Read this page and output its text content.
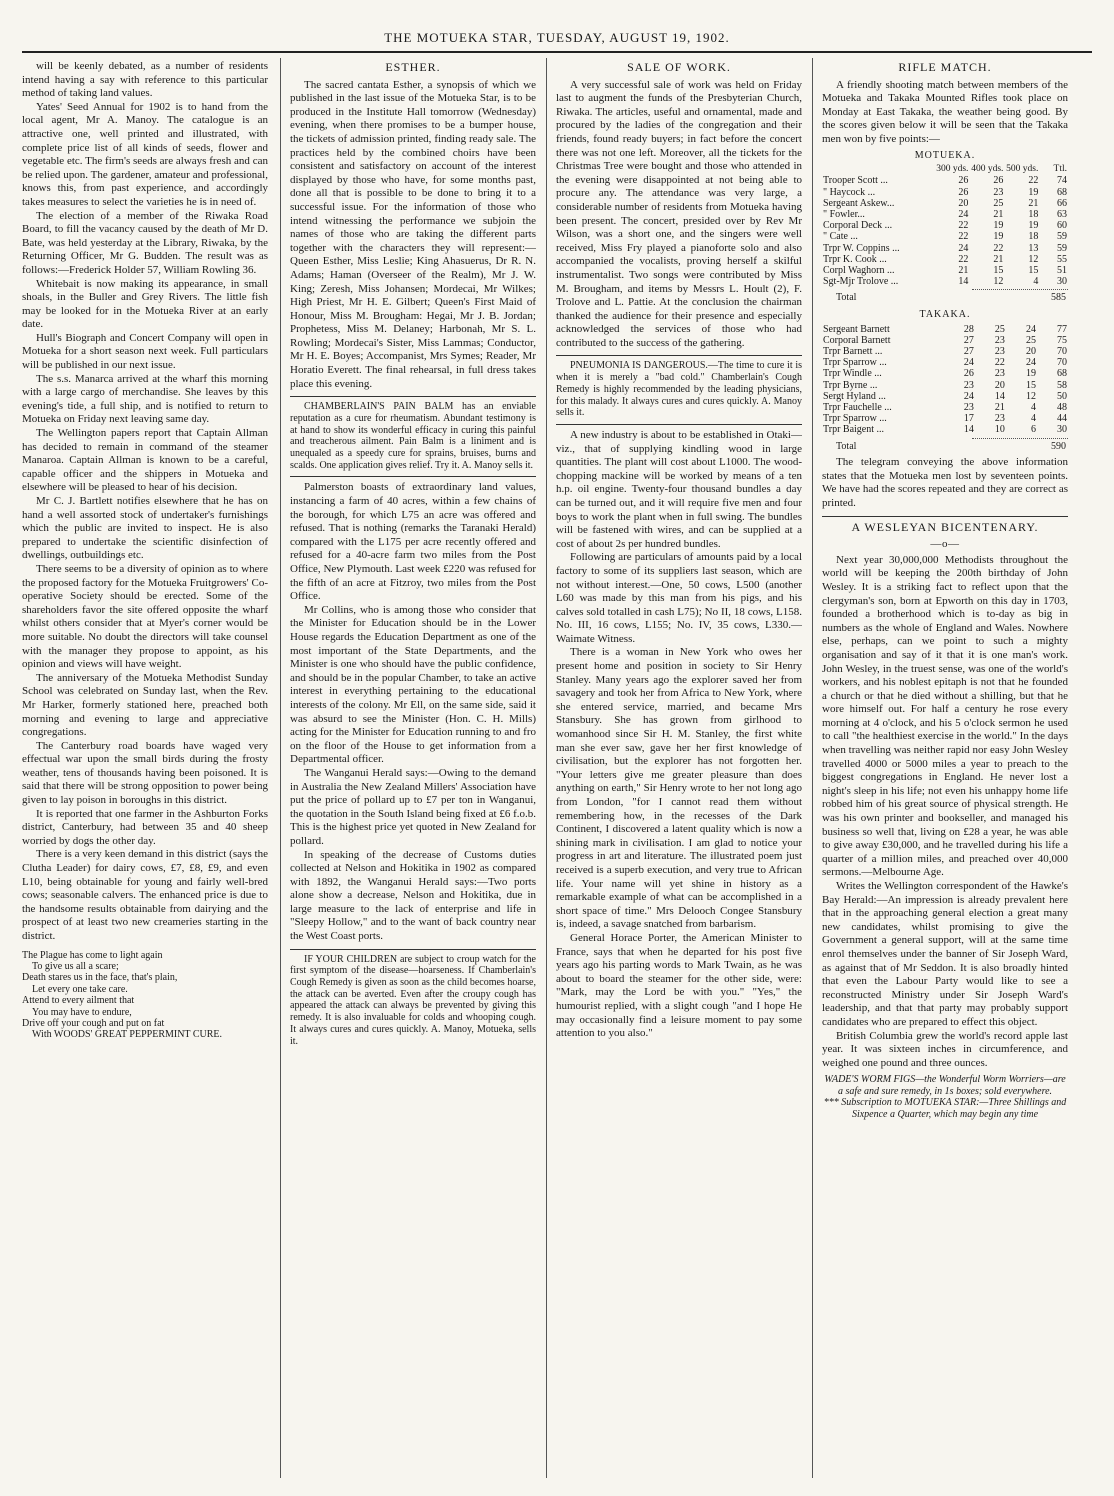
THE MOTUEKA STAR, TUESDAY, AUGUST 19, 1902.

will be keenly debated, as a number of residents intend having a say with reference to this particular method of taking land values.

Yates' Seed Annual for 1902 is to hand from the local agent, Mr A. Manoy. The catalogue is an attractive one, well printed and illustrated, with complete price list of all kinds of seeds, flower and vegetable etc. The firm's seeds are always fresh and can be relied upon. The gardener, amateur and professional, knows this, from past experience, and accordingly takes measures to select the varieties he is in need of.

The election of a member of the Riwaka Road Board, to fill the vacancy caused by the death of Mr D. Bate, was held yesterday at the Library, Riwaka, by the Returning Officer, Mr G. Budden. The result was as follows:—Frederick Holder 57, William Rowling 36.

Whitebait is now making its appearance, in small shoals, in the Buller and Grey Rivers. The little fish may be looked for in the Motueka River at an early date.

Hull's Biograph and Concert Company will open in Motueka for a short season next week. Full particulars will be published in our next issue.

The s.s. Manarca arrived at the wharf this morning with a large cargo of merchandise. She leaves by this evening's tide, a full ship, and is notified to return to Motueka on Friday next leaving same day.

The Wellington papers report that Captain Allman has decided to remain in command of the steamer Manaroa. Captain Allman is known to be a careful, capable officer and the shippers in Motueka and elsewhere will be pleased to hear of his decision.

Mr C. J. Bartlett notifies elsewhere that he has on hand a well assorted stock of undertaker's furnishings which the public are invited to inspect. He is also prepared to undertake the scientific disinfection of dwellings, outbuildings etc.

There seems to be a diversity of opinion as to where the proposed factory for the Motueka Fruitgrowers' Co-operative Society should be erected. Some of the shareholders favor the site offered opposite the wharf whilst others consider that at Myer's corner would be more suitable. No doubt the directors will take counsel with the manager they propose to appoint, as his opinion and views will have weight.

The anniversary of the Motueka Methodist Sunday School was celebrated on Sunday last, when the Rev. Mr Harker, formerly stationed here, preached both morning and evening to large and appreciative congregations.

The Canterbury road boards have waged very effectual war upon the small birds during the frosty weather, tens of thousands having been poisoned. It is said that there will be strong opposition to power being given to lay poison in boroughs in this district.

It is reported that one farmer in the Ashburton Forks district, Canterbury, had between 35 and 40 sheep worried by dogs the other day.

There is a very keen demand in this district (says the Clutha Leader) for dairy cows, £7, £8, £9, and even L10, being obtainable for young and fairly well-bred cows; seasonable calvers. The enhanced price is due to the handsome results obtainable from dairying and the prospect of at least two new creameries starting in the district.

The Plague has come to light again
To give us all a scare;
Death stares us in the face, that's plain,
Let every one take care.
Attend to every ailment that
You may have to endure,
Drive off your cough and put on fat
With WOODS' GREAT PEPPERMINT CURE.
ESTHER.

The sacred cantata Esther, a synopsis of which we published in the last issue of the Motueka Star, is to be produced in the Institute Hall tomorrow (Wednesday) evening, when there promises to be a bumper house, the tickets of admission printed, finding ready sale. The practices held by the combined choirs have been consistent and satisfactory on account of the interest displayed by those who have, for some months past, done all that is possible to be done to bring it to a successful issue. For the information of those who intend witnessing the performance we subjoin the names of those who are taking the different parts together with the characters they will represent:—Queen Esther, Miss Leslie; King Ahasuerus, Dr R. N. Adams; Haman (Overseer of the Realm), Mr J. W. King; Zeresh, Miss Johansen; Mordecai, Mr Wilkes; High Priest, Mr H. E. Gilbert; Queen's First Maid of Honour, Miss M. Brougham: Hegai, Mr J. B. Jordan; Prophetess, Miss M. Delaney; Harbonah, Mr S. L. Rowling; Mordecai's Sister, Miss Lammas; Conductor, Mr H. E. Boyes; Accompanist, Mrs Symes; Reader, Mr Horatio Everett. The final rehearsal, in full dress takes place this evening.

CHAMBERLAIN'S PAIN BALM has an enviable reputation as a cure for rheumatism. Abundant testimony is at hand to show its wonderful efficacy in curing this painful and treacherous ailment. Pain Balm is a liniment and is unequaled as a speedy cure for sprains, bruises, burns and scalds. One application gives relief. Try it. A. Manoy sells it.

Palmerston boasts of extraordinary land values, instancing a farm of 40 acres, within a few chains of the borough, for which L75 an acre was offered and refused. That is nothing (remarks the Taranaki Herald) compared with the L175 per acre recently offered and refused for a 40-acre farm two miles from the Post Office, New Plymouth. Last week £220 was refused for the fifth of an acre at Fitzroy, two miles from the Post Office.

Mr Collins, who is among those who consider that the Minister for Education should be in the Lower House regards the Education Department as one of the most important of the State Departments, and the Minister is one who should have the public confidence, and should be in the popular Chamber, to take an active interest in everything pertaining to the educational interests of the colony. Mr Ell, on the same side, said it was absurd to see the Minister (Hon. C. H. Mills) acting for the Minister for Education running to and fro on the floor of the House to get information from a Departmental officer.

The Wanganui Herald says:—Owing to the demand in Australia the New Zealand Millers' Association have put the price of pollard up to £7 per ton in Wanganui, the quotation in the South Island being fixed at £6 f.o.b. This is the highest price yet quoted in New Zealand for pollard.

In speaking of the decrease of Customs duties collected at Nelson and Hokitika in 1902 as compared with 1892, the Wanganui Herald says:—Two ports alone show a decrease, Nelson and Hokitika, due in large measure to the lack of enterprise and life in "Sleepy Hollow," and to the want of back country near the West Coast ports.

IF YOUR CHILDREN are subject to croup watch for the first symptom of the disease—hoarseness. If Chamberlain's Cough Remedy is given as soon as the child becomes hoarse, the attack can be averted. Even after the croupy cough has appeared the attack can always be prevented by giving this remedy. It is also invaluable for colds and whooping cough. It always cures and cures quickly. A. Manoy, Motueka, sells it.

SALE OF WORK.

A very successful sale of work was held on Friday last to augment the funds of the Presbyterian Church, Riwaka. The articles, useful and ornamental, made and procured by the ladies of the congregation and their friends, found ready buyers; in fact before the concert there was not one left. Moreover, all the tickets for the Christmas Tree were bought and those who attended in the evening were disappointed at not being able to procure any. The attendance was very large, a considerable number of residents from Motueka having been present. The concert, presided over by Rev Mr Wilson, was a short one, and the singers were well received, Miss Fry played a pianoforte solo and also accompanied the vocalists, proving herself a skilful instrumentalist. Two songs were contributed by Miss M. Brougham, and items by Messrs L. Hoult (2), F. Trolove and L. Pattie. At the conclusion the chairman thanked the audience for their presence and especially acknowledged the services of those who had contributed to the success of the gathering.

PNEUMONIA IS DANGEROUS.—The time to cure it is when it is merely a "bad cold." Chamberlain's Cough Remedy is highly recommended by the leading physicians, for this malady. It always cures and cures quickly. A. Manoy sells it.

A new industry is about to be established in Otaki—viz., that of supplying kindling wood in large quantities. The plant will cost about L1000. The wood-chopping mackine will be worked by means of a ten h.p. oil engine. Twenty-four thousand bundles a day can be turned out, and it will require five men and four boys to work the plant when in full swing. The bundles will be fastened with wires, and can be supplied at a cost of about 2s per hundred bundles.

Following are particulars of amounts paid by a local factory to some of its suppliers last season, which are not without interest.—One, 50 cows, L500 (another L60 was made by this man from his pigs, and his calves sold totalled in cash L75); No II, 18 cows, L158. No. III, 16 cows, L155; No. IV, 35 cows, L330.—Waimate Witness.

There is a woman in New York who owes her present home and position in society to Sir Henry Stanley. Many years ago the explorer saved her from savagery and took her from Africa to New York, where she entered service, married, and became Mrs Stansbury. She has grown from girlhood to womanhood since Sir H. M. Stanley, the first white man she ever saw, gave her her first knowledge of civilisation, but the explorer has not forgotten her. "Your letters give me greater pleasure than does anything on earth," Sir Henry wrote to her not long ago from London, "for I cannot read them without remembering how, in the recesses of the Dark Continent, I discovered a latent quality which is now a shining mark in civilisation. I am glad to notice your progress in art and literature. The illustrated poem just received is a superb execution, and very true to African life. Your name will yet shine in history as a remarkable example of what can be accomplished in a short space of time." Mrs Delooch Congee Stansbury is, indeed, a savage snatched from barbarism.

General Horace Porter, the American Minister to France, says that when he departed for his post five years ago his parting words to Mark Twain, as he was about to board the steamer for the other side, were: "Mark, may the Lord be with you." "Yes," the humourist replied, with a slight cough "and I hope He may occasionally find a leisure moment to pay some attention to you also."

RIFLE MATCH.

A friendly shooting match between members of the Motueka and Takaka Mounted Rifles took place on Monday at East Takaka, the weather being good. By the scores given below it will be seen that the Takaka men won by five points:—

MOTUEKA.
	300 yds.	400 yds.	500 yds.	Ttl.
Trooper Scott ...	26	26	22	74
" Haycock ...	26	23	19	68
Sergeant Askew...	20	25	21	66
" Fowler...	24	21	18	63
Corporal Deck ...	22	19	19	60
" Cate ...	22	19	18	59
Trpr W. Coppins ...	24	22	13	59
Trpr K. Cook ...	22	21	12	55
Corpl Waghorn ...	21	15	15	51
Sgt-Mjr Trolove ...	14	12	4	30
Total	585
TAKAKA.
Sergeant Barnett	28	25	24	77
Corporal Barnett	27	23	25	75
Trpr Barnett ...	27	23	20	70
Trpr Sparrow ...	24	22	24	70
Trpr Windle ...	26	23	19	68
Trpr Byrne ...	23	20	15	58
Sergt Hyland ...	24	14	12	50
Trpr Fauchelle ...	23	21	4	48
Trpr Sparrow ...	17	23	4	44
Trpr Baigent ...	14	10	6	30
Total	590

The telegram conveying the above information states that the Motueka men lost by seventeen points. We have had the scores repeated and they are correct as printed.

A WESLEYAN BICENTENARY.
—o—

Next year 30,000,000 Methodists throughout the world will be keeping the 200th birthday of John Wesley. It is a striking fact to reflect upon that the clergyman's son, born at Epworth on this day in 1703, founded a brotherhood which is to-day as big in numbers as the whole of England and Wales. Nowhere else, perhaps, can we point to such a mighty organisation and say of it that it is one man's work. John Wesley, in the truest sense, was one of the world's workers, and his noblest epitaph is not that he founded a church or that he died without a shilling, but that he wore himself out. For half a century he rose every morning at 4 o'clock, and his 5 o'clock sermon he used to call "the healthiest exercise in the world." In the days when travelling was neither rapid nor easy John Wesley travelled 4000 or 5000 miles a year to preach to the biggest congregations in England. He never lost a night's sleep in his life; not even his unhappy home life robbed him of his great source of physical strength. He was his own printer and bookseller, and managed his business so well that, living on £28 a year, he was able to give away £30,000, and he travelled during his life a quarter of a million miles, and preached over 40,000 sermons.—Melbourne Age.

Writes the Wellington correspondent of the Hawke's Bay Herald:—An impression is already prevalent here that in the approaching general election a great many new candidates, whilst promising to give the Government a general support, will at the same time enrol themselves under the banner of Sir Joseph Ward, as against that of Mr Seddon. It is also broadly hinted that even the Labour Party would like to see a reconstructed Ministry under Sir Joseph Ward's leadership, and that that party may probably support candidates who are prepared to effect this object.

British Columbia grew the world's record apple last year. It was sixteen inches in circumference, and weighed one pound and three ounces.

WADE'S WORM FIGS—the Wonderful Worm Worriers—are a safe and sure remedy, in 1s boxes; sold everywhere.

*** Subscription to MOTUEKA STAR:—Three Shillings and Sixpence a Quarter, which may begin any time
